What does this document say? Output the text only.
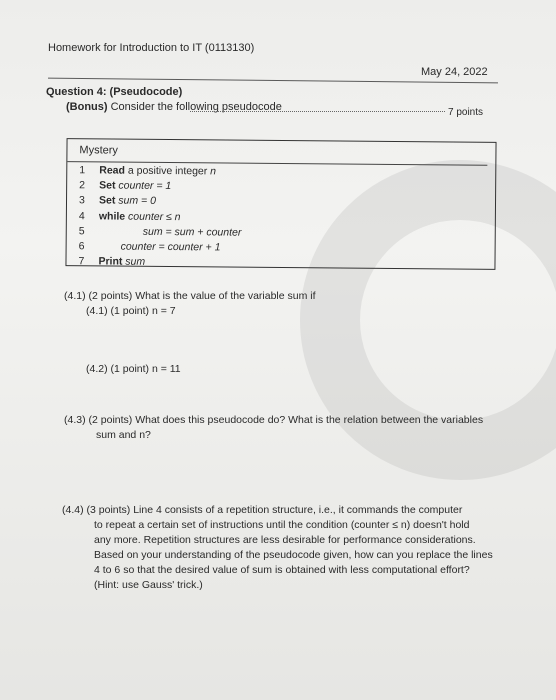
Homework for Introduction to IT (0113130)
May 24, 2022
Question 4: (Pseudocode)
(Bonus) Consider the following pseudocode	7 points
Mystery
1	Read a positive integer n
2	Set counter = 1
3	Set sum = 0
4	while counter ≤ n
5	sum = sum + counter
6	counter = counter + 1
7	Print sum
(4.1) (2 points) What is the value of the variable sum if
(4.1) (1 point) n = 7
(4.2) (1 point) n = 11
(4.3) (2 points) What does this pseudocode do? What is the relation between the variables
sum and n?
(4.4) (3 points) Line 4 consists of a repetition structure, i.e., it commands the computer
to repeat a certain set of instructions until the condition (counter ≤ n) doesn't hold
any more. Repetition structures are less desirable for performance considerations.
Based on your understanding of the pseudocode given, how can you replace the lines
4 to 6 so that the desired value of sum is obtained with less computational effort?
(Hint: use Gauss' trick.)
